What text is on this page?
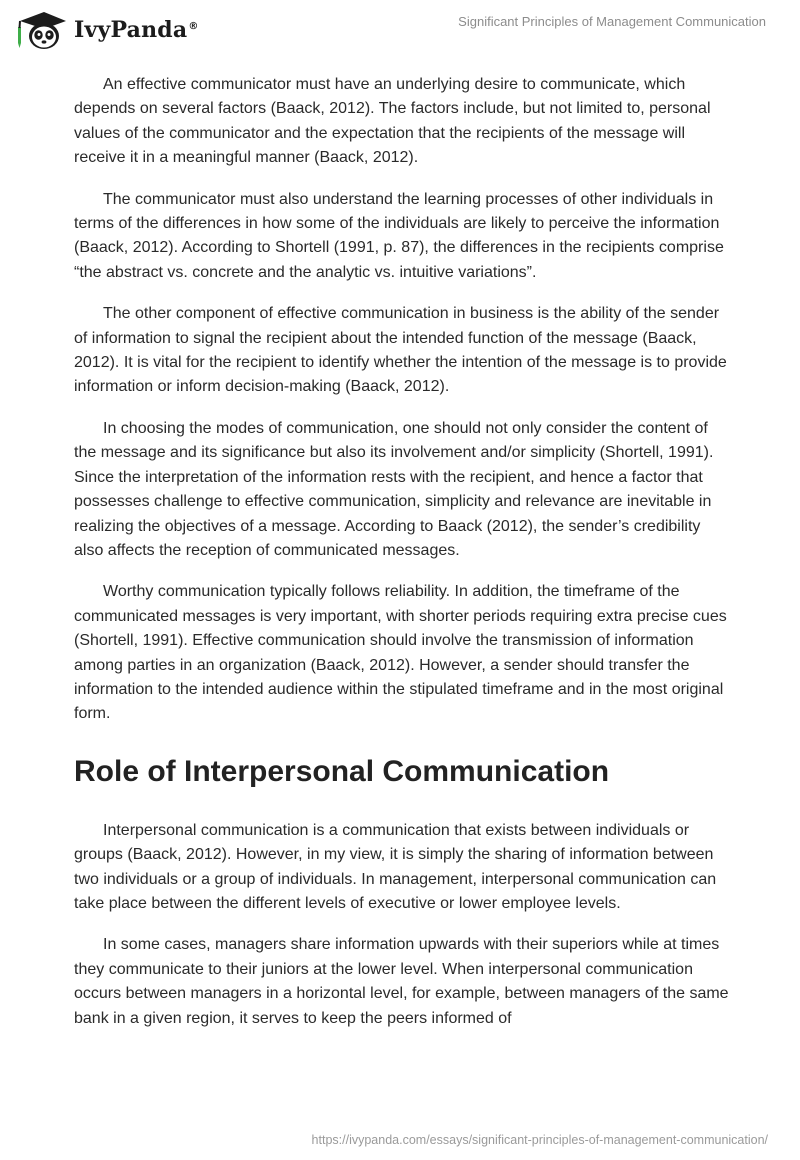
IvyPanda®	Significant Principles of Management Communication

An effective communicator must have an underlying desire to communicate, which depends on several factors (Baack, 2012). The factors include, but not limited to, personal values of the communicator and the expectation that the recipients of the message will receive it in a meaningful manner (Baack, 2012).

The communicator must also understand the learning processes of other individuals in terms of the differences in how some of the individuals are likely to perceive the information (Baack, 2012). According to Shortell (1991, p. 87), the differences in the recipients comprise “the abstract vs. concrete and the analytic vs. intuitive variations”.

The other component of effective communication in business is the ability of the sender of information to signal the recipient about the intended function of the message (Baack, 2012). It is vital for the recipient to identify whether the intention of the message is to provide information or inform decision-making (Baack, 2012).

In choosing the modes of communication, one should not only consider the content of the message and its significance but also its involvement and/or simplicity (Shortell, 1991). Since the interpretation of the information rests with the recipient, and hence a factor that possesses challenge to effective communication, simplicity and relevance are inevitable in realizing the objectives of a message. According to Baack (2012), the sender’s credibility also affects the reception of communicated messages.

Worthy communication typically follows reliability. In addition, the timeframe of the communicated messages is very important, with shorter periods requiring extra precise cues (Shortell, 1991). Effective communication should involve the transmission of information among parties in an organization (Baack, 2012). However, a sender should transfer the information to the intended audience within the stipulated timeframe and in the most original form.

Role of Interpersonal Communication

Interpersonal communication is a communication that exists between individuals or groups (Baack, 2012). However, in my view, it is simply the sharing of information between two individuals or a group of individuals. In management, interpersonal communication can take place between the different levels of executive or lower employee levels.

In some cases, managers share information upwards with their superiors while at times they communicate to their juniors at the lower level. When interpersonal communication occurs between managers in a horizontal level, for example, between managers of the same bank in a given region, it serves to keep the peers informed of

https://ivypanda.com/essays/significant-principles-of-management-communication/
